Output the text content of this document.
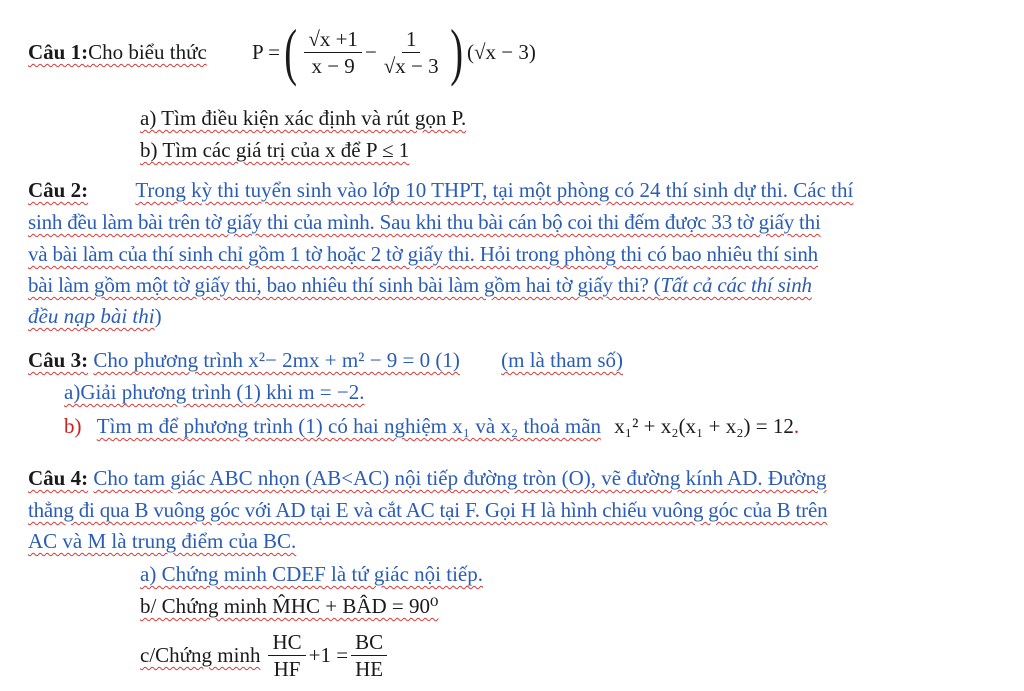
Câu 1:Cho biểu thức P = ( $\frac{√x +1}{x - 9} - \frac{1}{√x - 3}$ ) (√x − 3)
a) Tìm điều kiện xác định và rút gọn P.
b) Tìm các giá trị của x để P ≤ 1
Câu 2: Trong kỳ thi tuyển sinh vào lớp 10 THPT, tại một phòng có 24 thí sinh dự thi. Các thí
sinh đều làm bài trên tờ giấy thi của mình. Sau khi thu bài cán bộ coi thi đếm được 33 tờ giấy thi
và bài làm của thí sinh chỉ gồm 1 tờ hoặc 2 tờ giấy thi. Hỏi trong phòng thi có bao nhiêu thí sinh
bài làm gồm một tờ giấy thi, bao nhiêu thí sinh bài làm gồm hai tờ giấy thi? (Tất cả các thí sinh
đều nạp bài thi)
Câu 3: Cho phương trình x²− 2mx + m² − 9 = 0 (1) (m là tham số)
a)Giải phương trình (1) khi m = −2.
b) Tìm m để phương trình (1) có hai nghiệm x₁ và x₂ thoả mãn x₁² + x₂(x₁ + x₂) = 12.
Câu 4: Cho tam giác ABC nhọn (AB<AC) nội tiếp đường tròn (O), vẽ đường kính AD. Đường
thẳng đi qua B vuông góc với AD tại E và cắt AC tại F. Gọi H là hình chiếu vuông góc của B trên
AC và M là trung điểm của BC.
a) Chứng minh CDEF là tứ giác nội tiếp.
b/ Chứng minh M̂HC + BÂD = 90⁰
c/Chứng minh $\frac{HC}{HF} +1 = \frac{BC}{HE}$
